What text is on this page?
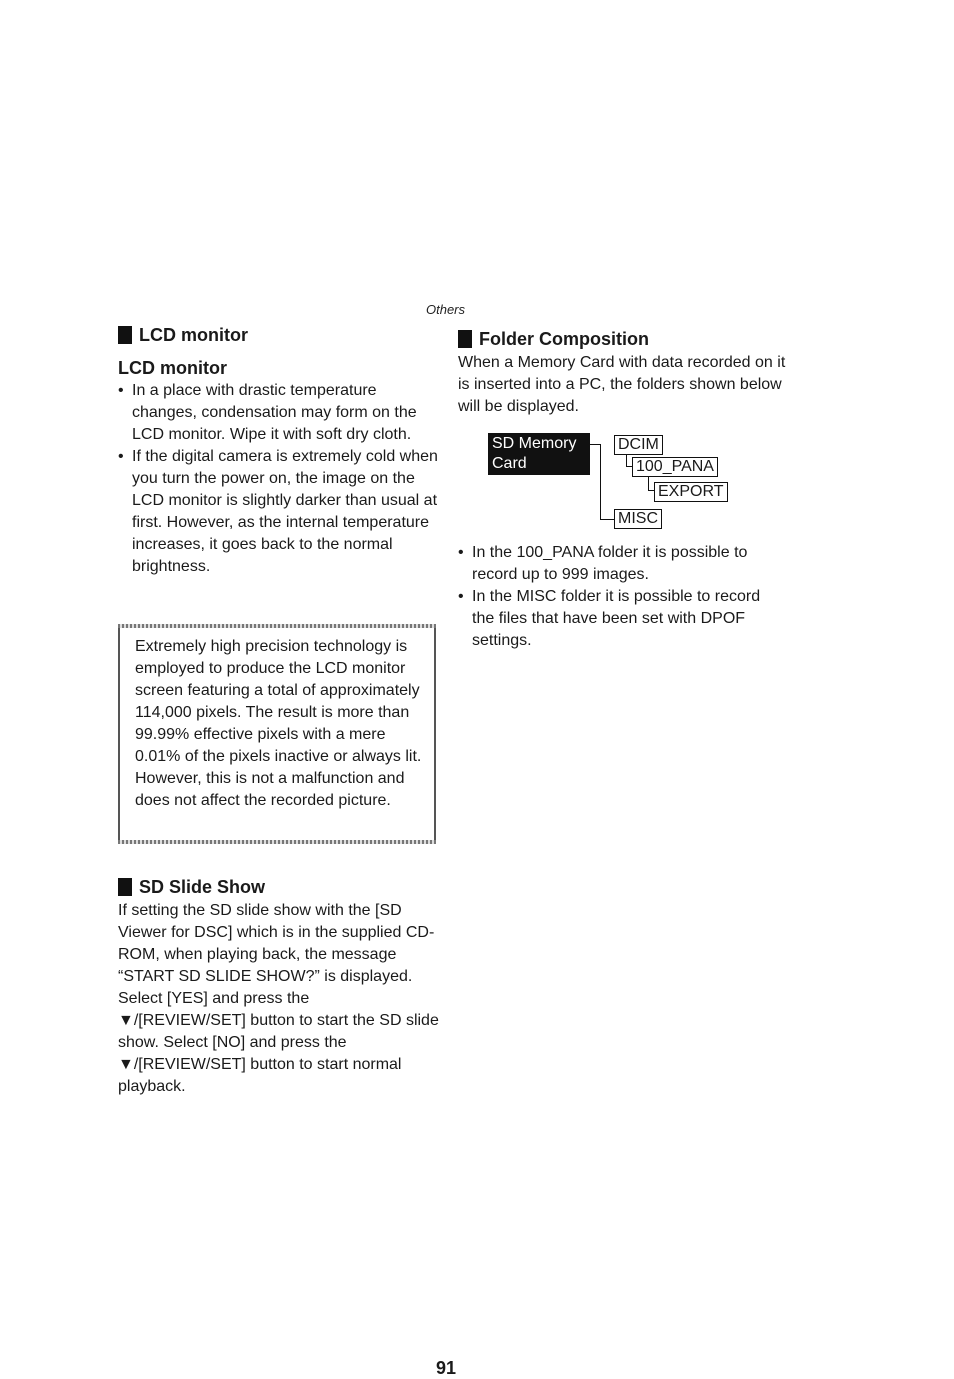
Others
LCD monitor
LCD monitor
• In a place with drastic temperature changes, condensation may form on the LCD monitor. Wipe it with soft dry cloth.
• If the digital camera is extremely cold when you turn the power on, the image on the LCD monitor is slightly darker than usual at first. However, as the internal temperature increases, it goes back to the normal brightness.

Extremely high precision technology is employed to produce the LCD monitor screen featuring a total of approximately 114,000 pixels. The result is more than 99.99% effective pixels with a mere 0.01% of the pixels inactive or always lit. However, this is not a malfunction and does not affect the recorded picture.

SD Slide Show

If setting the SD slide show with the [SD Viewer for DSC] which is in the supplied CD-ROM, when playing back, the message “START SD SLIDE SHOW?” is displayed. Select [YES] and press the ▼/[REVIEW/SET] button to start the SD slide show. Select [NO] and press the ▼/[REVIEW/SET] button to start normal playback.

Folder Composition

When a Memory Card with data recorded on it is inserted into a PC, the folders shown below will be displayed.

SD Memory Card
DCIM
100_PANA
EXPORT
MISC
• In the 100_PANA folder it is possible to record up to 999 images.
• In the MISC folder it is possible to record the files that have been set with DPOF settings.
91
